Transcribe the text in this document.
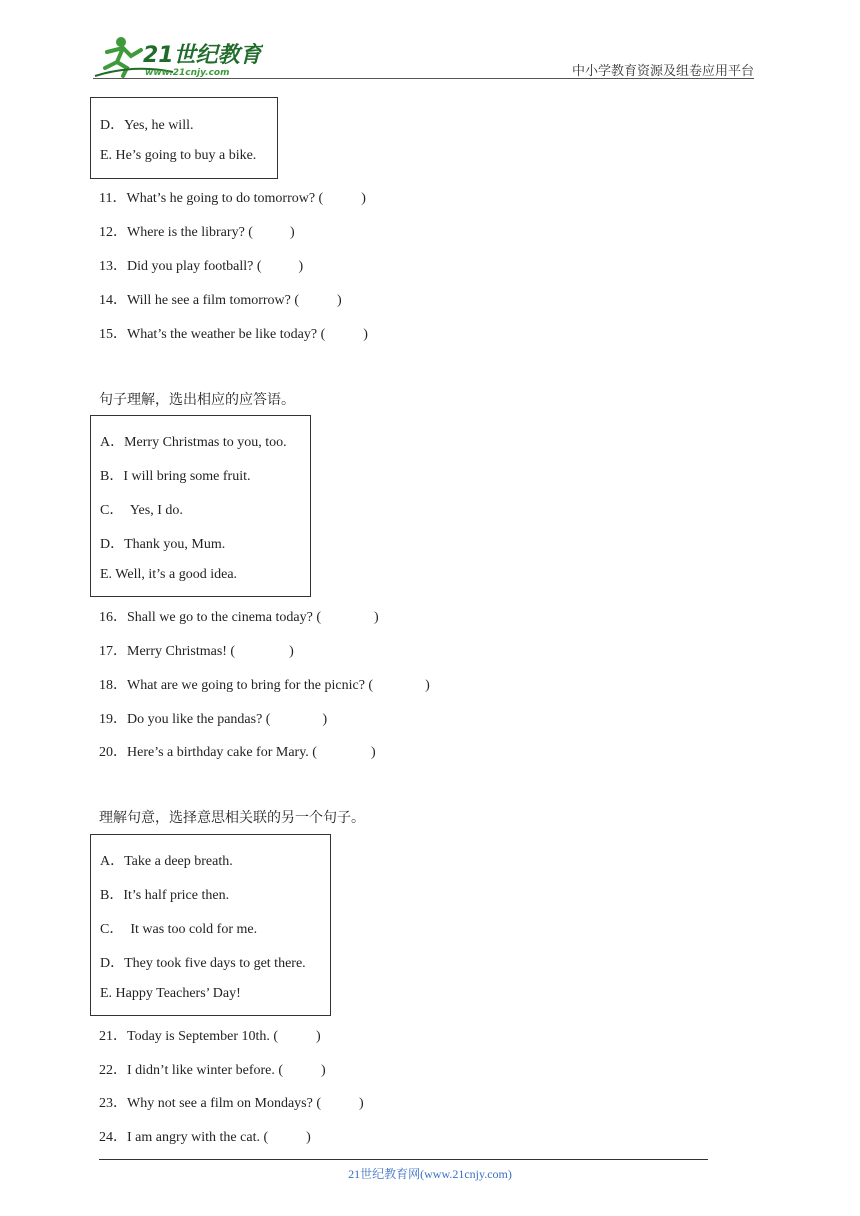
21世纪教育
www.21cnjy.com	中小学教育资源及组卷应用平台
D．Yes, he will.
E. He’s going to buy a bike.
11．What’s he going to do tomorrow? (	)
12．Where is the library? (	)
13．Did you play football? (	)
14．Will he see a film tomorrow? (	)
15．What’s the weather be like today? (	)
句子理解，选出相应的应答语。
A．Merry Christmas to you, too.
B．I will bring some fruit.
C．  Yes, I do.
D．Thank you, Mum.
E. Well, it’s a good idea.
16．Shall we go to the cinema today? (	)
17．Merry Christmas! (	)
18．What are we going to bring for the picnic? (	)
19．Do you like the pandas? (	)
20．Here’s a birthday cake for Mary. (	)
理解句意，选择意思相关联的另一个句子。
A．Take a deep breath.
B．It’s half price then.
C．  It was too cold for me.
D．They took five days to get there.
E. Happy Teachers’ Day!
21．Today is September 10th. (	)
22．I didn’t like winter before. (	)
23．Why not see a film on Mondays? (	)
24．I am angry with the cat. (	)
21世纪教育网(www.21cnjy.com)
